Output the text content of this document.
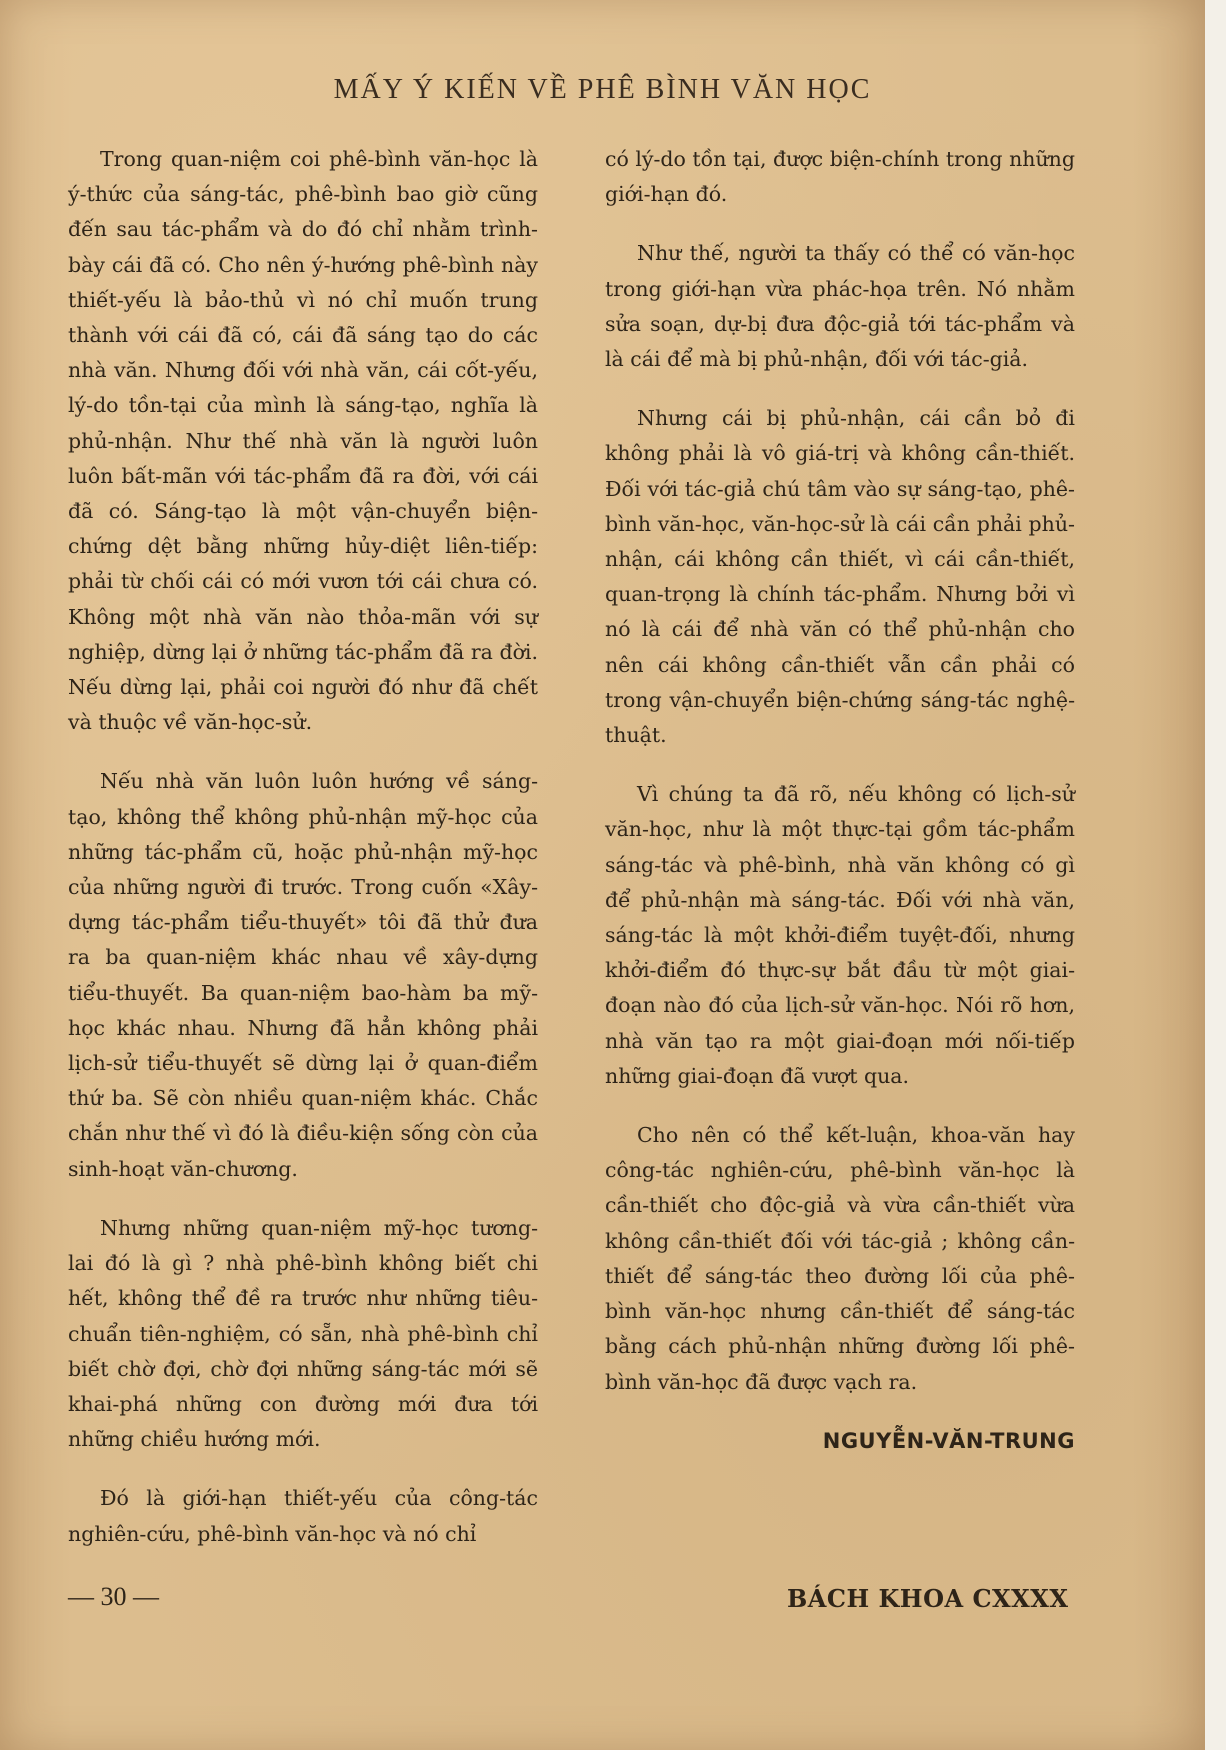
MẤY Ý KIẾN VỀ PHÊ BÌNH VĂN HỌC

Trong quan-niệm coi phê-bình văn-học là ý-thức của sáng-tác, phê-bình bao giờ cũng đến sau tác-phẩm và do đó chỉ nhằm trình-bày cái đã có. Cho nên ý-hướng phê-bình này thiết-yếu là bảo-thủ vì nó chỉ muốn trung thành với cái đã có, cái đã sáng tạo do các nhà văn. Nhưng đối với nhà văn, cái cốt-yếu, lý-do tồn-tại của mình là sáng-tạo, nghĩa là phủ-nhận. Như thế nhà văn là người luôn luôn bất-mãn với tác-phẩm đã ra đời, với cái đã có. Sáng-tạo là một vận-chuyển biện-chứng dệt bằng những hủy-diệt liên-tiếp: phải từ chối cái có mới vươn tới cái chưa có. Không một nhà văn nào thỏa-mãn với sự nghiệp, dừng lại ở những tác-phẩm đã ra đời. Nếu dừng lại, phải coi người đó như đã chết và thuộc về văn-học-sử.

Nếu nhà văn luôn luôn hướng về sáng-tạo, không thể không phủ-nhận mỹ-học của những tác-phẩm cũ, hoặc phủ-nhận mỹ-học của những người đi trước. Trong cuốn «Xây-dựng tác-phẩm tiểu-thuyết» tôi đã thử đưa ra ba quan-niệm khác nhau về xây-dựng tiểu-thuyết. Ba quan-niệm bao-hàm ba mỹ-học khác nhau. Nhưng đã hẳn không phải lịch-sử tiểu-thuyết sẽ dừng lại ở quan-điểm thứ ba. Sẽ còn nhiều quan-niệm khác. Chắc chắn như thế vì đó là điều-kiện sống còn của sinh-hoạt văn-chương.

Nhưng những quan-niệm mỹ-học tương-lai đó là gì ? nhà phê-bình không biết chi hết, không thể đề ra trước như những tiêu-chuẩn tiên-nghiệm, có sẵn, nhà phê-bình chỉ biết chờ đợi, chờ đợi những sáng-tác mới sẽ khai-phá những con đường mới đưa tới những chiều hướng mới.

Đó là giới-hạn thiết-yếu của công-tác nghiên-cứu, phê-bình văn-học và nó chỉ

có lý-do tồn tại, được biện-chính trong những giới-hạn đó.

Như thế, người ta thấy có thể có văn-học trong giới-hạn vừa phác-họa trên. Nó nhằm sửa soạn, dự-bị đưa độc-giả tới tác-phẩm và là cái để mà bị phủ-nhận, đối với tác-giả.

Nhưng cái bị phủ-nhận, cái cần bỏ đi không phải là vô giá-trị và không cần-thiết. Đối với tác-giả chú tâm vào sự sáng-tạo, phê-bình văn-học, văn-học-sử là cái cần phải phủ-nhận, cái không cần thiết, vì cái cần-thiết, quan-trọng là chính tác-phẩm. Nhưng bởi vì nó là cái để nhà văn có thể phủ-nhận cho nên cái không cần-thiết vẫn cần phải có trong vận-chuyển biện-chứng sáng-tác nghệ-thuật.

Vì chúng ta đã rõ, nếu không có lịch-sử văn-học, như là một thực-tại gồm tác-phẩm sáng-tác và phê-bình, nhà văn không có gì để phủ-nhận mà sáng-tác. Đối với nhà văn, sáng-tác là một khởi-điểm tuyệt-đối, nhưng khởi-điểm đó thực-sự bắt đầu từ một giai-đoạn nào đó của lịch-sử văn-học. Nói rõ hơn, nhà văn tạo ra một giai-đoạn mới nối-tiếp những giai-đoạn đã vượt qua.

Cho nên có thể kết-luận, khoa-văn hay công-tác nghiên-cứu, phê-bình văn-học là cần-thiết cho độc-giả và vừa cần-thiết vừa không cần-thiết đối với tác-giả ; không cần-thiết để sáng-tác theo đường lối của phê-bình văn-học nhưng cần-thiết để sáng-tác bằng cách phủ-nhận những đường lối phê-bình văn-học đã được vạch ra.

NGUYỄN-VĂN-TRUNG
— 30 —	BÁCH KHOA CXXXX
